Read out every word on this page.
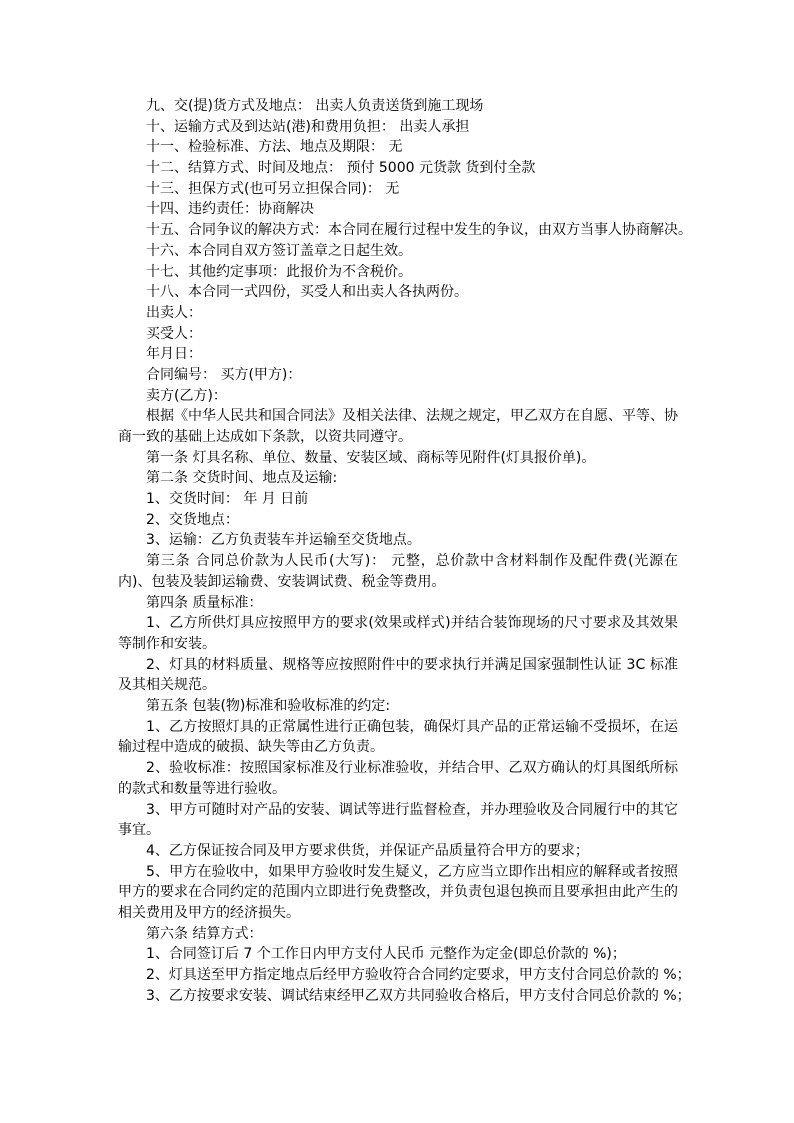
九、交(提)货方式及地点： 出卖人负责送货到施工现场
十、运输方式及到达站(港)和费用负担： 出卖人承担
十一、检验标准、方法、地点及期限： 无
十二、结算方式、时间及地点： 预付 5000 元货款 货到付全款
十三、担保方式(也可另立担保合同)： 无
十四、违约责任：协商解决
十五、合同争议的解决方式：本合同在履行过程中发生的争议，由双方当事人协商解决。
十六、本合同自双方签订盖章之日起生效。
十七、其他约定事项：此报价为不含税价。
十八、本合同一式四份，买受人和出卖人各执两份。
出卖人：
买受人：
年月日：
合同编号： 买方(甲方)：
卖方(乙方)：
根据《中华人民共和国合同法》及相关法律、法规之规定，甲乙双方在自愿、平等、协商一致的基础上达成如下条款，以资共同遵守。
第一条 灯具名称、单位、数量、安装区域、商标等见附件(灯具报价单)。
第二条 交货时间、地点及运输:
1、交货时间： 年 月 日前
2、交货地点：
3、运输：乙方负责装车并运输至交货地点。
第三条 合同总价款为人民币(大写)： 元整，总价款中含材料制作及配件费(光源在内)、包装及装卸运输费、安装调试费、税金等费用。
第四条 质量标准：
1、乙方所供灯具应按照甲方的要求(效果或样式)并结合装饰现场的尺寸要求及其效果等制作和安装。
2、灯具的材料质量、规格等应按照附件中的要求执行并满足国家强制性认证 3C 标准及其相关规范。
第五条 包装(物)标准和验收标准的约定:
1、乙方按照灯具的正常属性进行正确包装，确保灯具产品的正常运输不受损坏，在运输过程中造成的破损、缺失等由乙方负责。
2、验收标准：按照国家标准及行业标准验收，并结合甲、乙双方确认的灯具图纸所标的款式和数量等进行验收。
3、甲方可随时对产品的安装、调试等进行监督检查，并办理验收及合同履行中的其它事宜。
4、乙方保证按合同及甲方要求供货，并保证产品质量符合甲方的要求；
5、甲方在验收中，如果甲方验收时发生疑义，乙方应当立即作出相应的解释或者按照甲方的要求在合同约定的范围内立即进行免费整改，并负责包退包换而且要承担由此产生的相关费用及甲方的经济损失。
第六条 结算方式：
1、合同签订后 7 个工作日内甲方支付人民币 元整作为定金(即总价款的 %)；
2、灯具送至甲方指定地点后经甲方验收符合合同约定要求，甲方支付合同总价款的 %；
3、乙方按要求安装、调试结束经甲乙双方共同验收合格后，甲方支付合同总价款的 %；
